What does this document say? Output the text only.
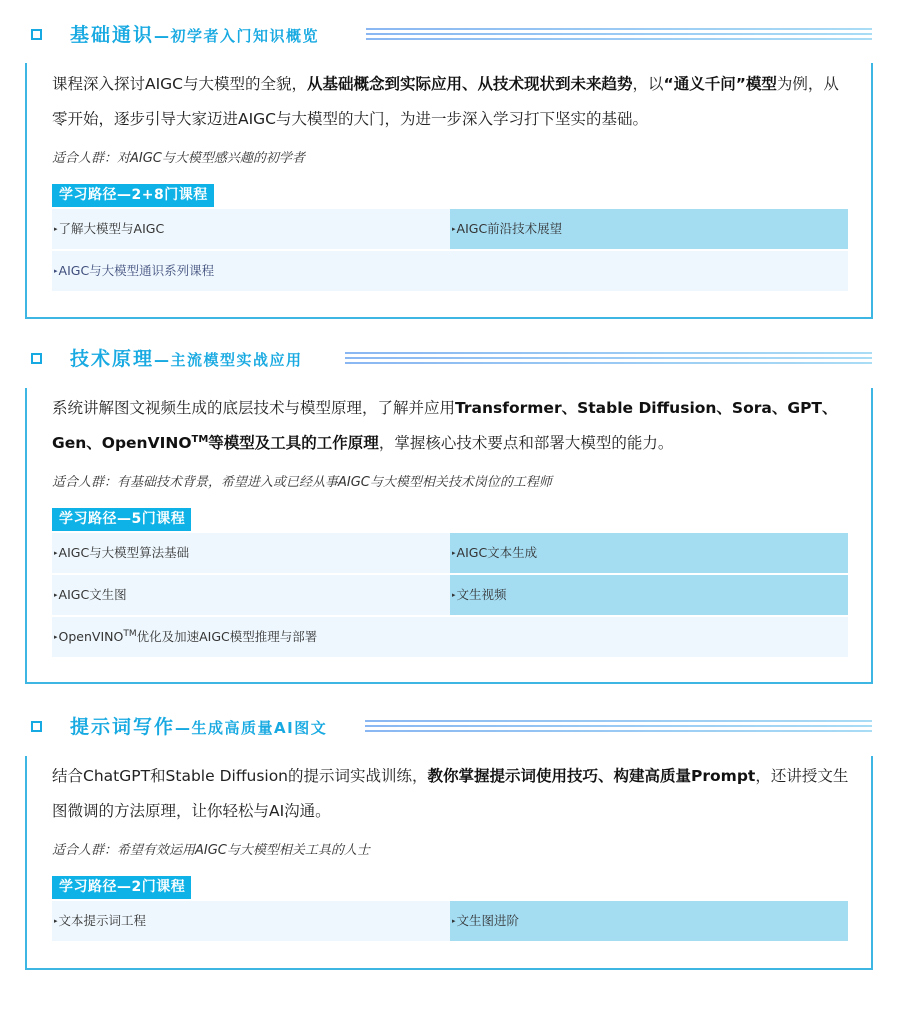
基础通识—初学者入门知识概览
课程深入探讨AIGC与大模型的全貌，从基础概念到实际应用、从技术现状到未来趋势，以“通义千问”模型为例，从零开始，逐步引导大家迈进AIGC与大模型的大门，为进一步深入学习打下坚实的基础。
适合人群：对AIGC与大模型感兴趣的初学者
学习路径—2+8门课程
▸了解大模型与AIGC	▸AIGC前沿技术展望
▸AIGC与大模型通识系列课程
技术原理—主流模型实战应用
系统讲解图文视频生成的底层技术与模型原理，了解并应用Transformer、Stable Diffusion、Sora、GPT、Gen、OpenVINO™等模型及工具的工作原理，掌握核心技术要点和部署大模型的能力。
适合人群：有基础技术背景，希望进入或已经从事AIGC与大模型相关技术岗位的工程师
学习路径—5门课程
▸AIGC与大模型算法基础	▸AIGC文本生成
▸AIGC文生图	▸文生视频
▸OpenVINO™优化及加速AIGC模型推理与部署
提示词写作—生成高质量AI图文
结合ChatGPT和Stable Diffusion的提示词实战训练，教你掌握提示词使用技巧、构建高质量Prompt，还讲授文生图微调的方法原理，让你轻松与AI沟通。
适合人群：希望有效运用AIGC与大模型相关工具的人士
学习路径—2门课程
▸文本提示词工程	▸文生图进阶
